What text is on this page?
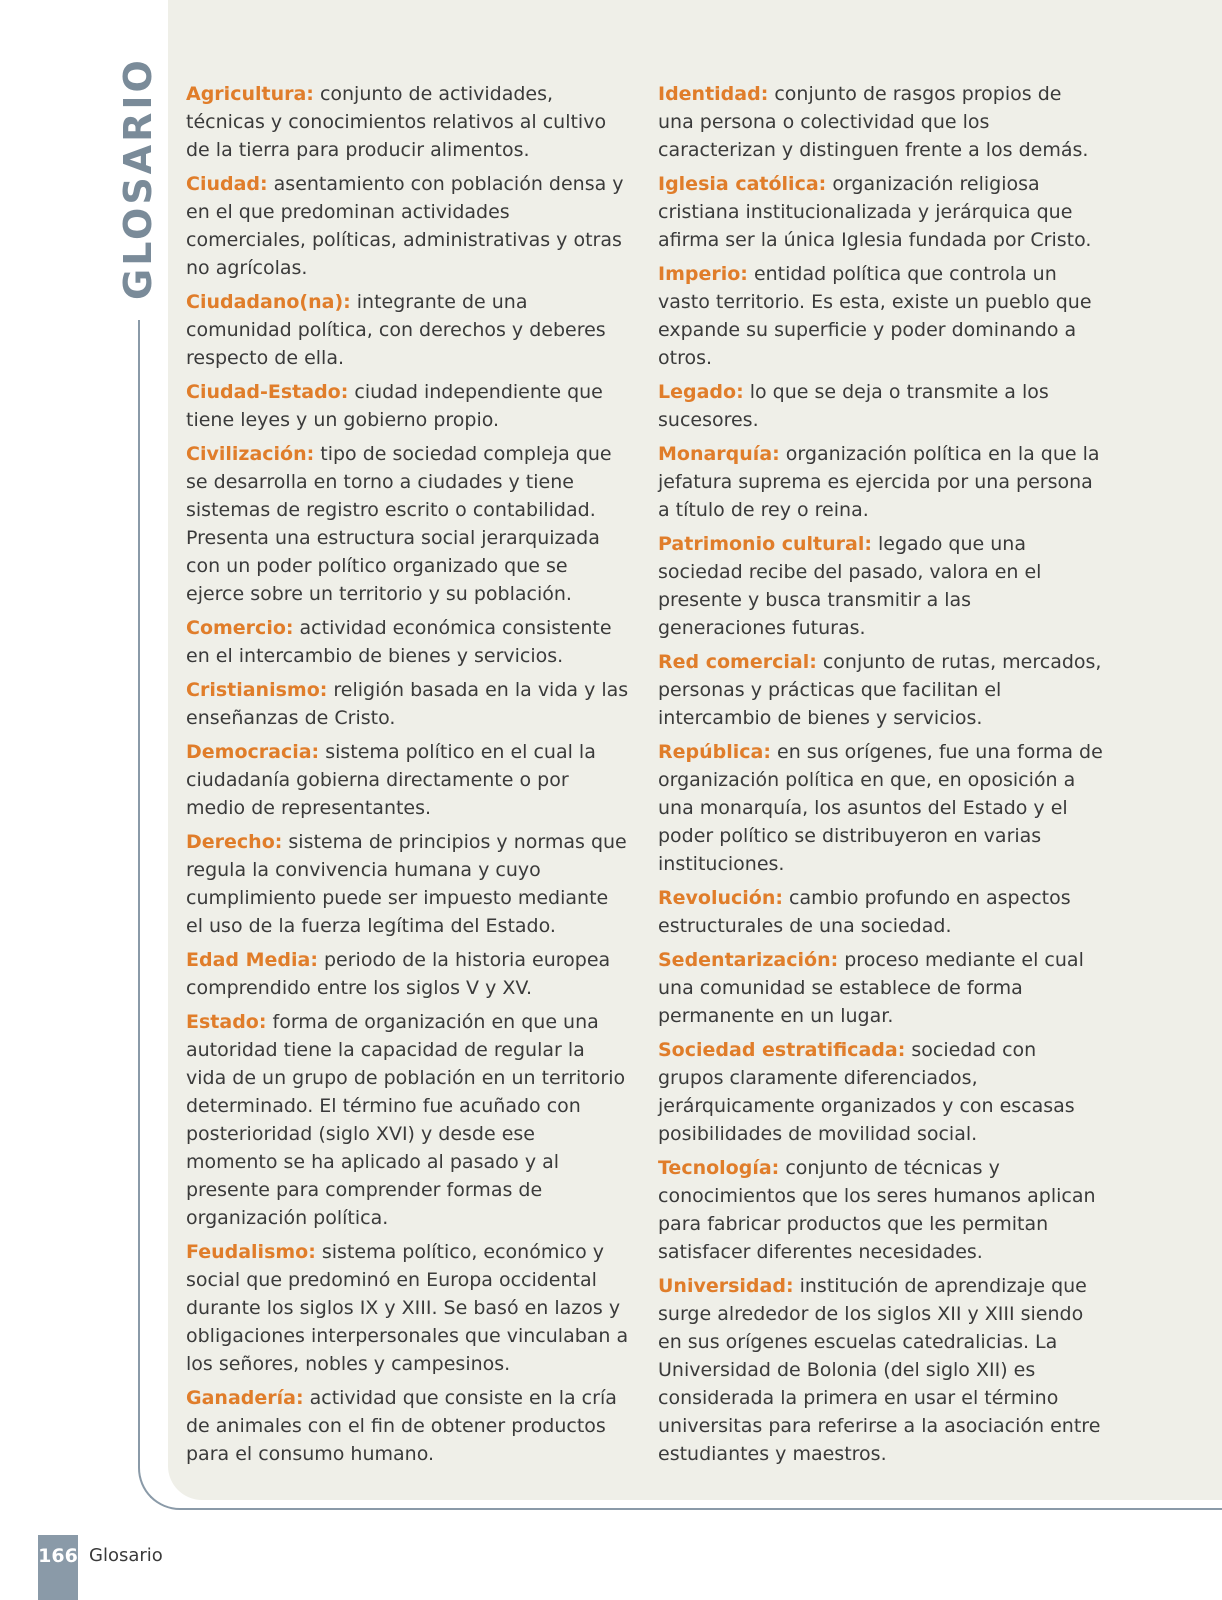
GLOSARIO Agricultura: conjunto de actividades, técnicas y conocimientos relativos al cultivo de la tierra para producir alimentos.

Ciudad: asentamiento con población densa y en el que predominan actividades comerciales, políticas, administrativas y otras no agrícolas.

Ciudadano(na): integrante de una comunidad política, con derechos y deberes respecto de ella.

Ciudad-Estado: ciudad independiente que tiene leyes y un gobierno propio.

Civilización: tipo de sociedad compleja que se desarrolla en torno a ciudades y tiene sistemas de registro escrito o contabilidad. Presenta una estructura social jerarquizada con un poder político organizado que se ejerce sobre un territorio y su población.

Comercio: actividad económica consistente en el intercambio de bienes y servicios.

Cristianismo: religión basada en la vida y las enseñanzas de Cristo.

Democracia: sistema político en el cual la ciudadanía gobierna directamente o por medio de representantes.

Derecho: sistema de principios y normas que regula la convivencia humana y cuyo cumplimiento puede ser impuesto mediante el uso de la fuerza legítima del Estado.

Edad Media: periodo de la historia europea comprendido entre los siglos V y XV.

Estado: forma de organización en que una autoridad tiene la capacidad de regular la vida de un grupo de población en un territorio determinado. El término fue acuñado con posterioridad (siglo XVI) y desde ese momento se ha aplicado al pasado y al presente para comprender formas de organización política.

Feudalismo: sistema político, económico y social que predominó en Europa occidental durante los siglos IX y XIII. Se basó en lazos y obligaciones interpersonales que vinculaban a los señores, nobles y campesinos.

Ganadería: actividad que consiste en la cría de animales con el fin de obtener productos para el consumo humano.

Identidad: conjunto de rasgos propios de una persona o colectividad que los caracterizan y distinguen frente a los demás.

Iglesia católica: organización religiosa cristiana institucionalizada y jerárquica que afirma ser la única Iglesia fundada por Cristo.

Imperio: entidad política que controla un vasto territorio. Es esta, existe un pueblo que expande su superficie y poder dominando a otros.

Legado: lo que se deja o transmite a los sucesores.

Monarquía: organización política en la que la jefatura suprema es ejercida por una persona a título de rey o reina.

Patrimonio cultural: legado que una sociedad recibe del pasado, valora en el presente y busca transmitir a las generaciones futuras.

Red comercial: conjunto de rutas, mercados, personas y prácticas que facilitan el intercambio de bienes y servicios.

República: en sus orígenes, fue una forma de organización política en que, en oposición a una monarquía, los asuntos del Estado y el poder político se distribuyeron en varias instituciones.

Revolución: cambio profundo en aspectos estructurales de una sociedad.

Sedentarización: proceso mediante el cual una comunidad se establece de forma permanente en un lugar.

Sociedad estratificada: sociedad con grupos claramente diferenciados, jerárquicamente organizados y con escasas posibilidades de movilidad social.

Tecnología: conjunto de técnicas y conocimientos que los seres humanos aplican para fabricar productos que les permitan satisfacer diferentes necesidades.

Universidad: institución de aprendizaje que surge alrededor de los siglos XII y XIII siendo en sus orígenes escuelas catedralicias. La Universidad de Bolonia (del siglo XII) es considerada la primera en usar el término universitas para referirse a la asociación entre estudiantes y maestros.

166 Glosario
